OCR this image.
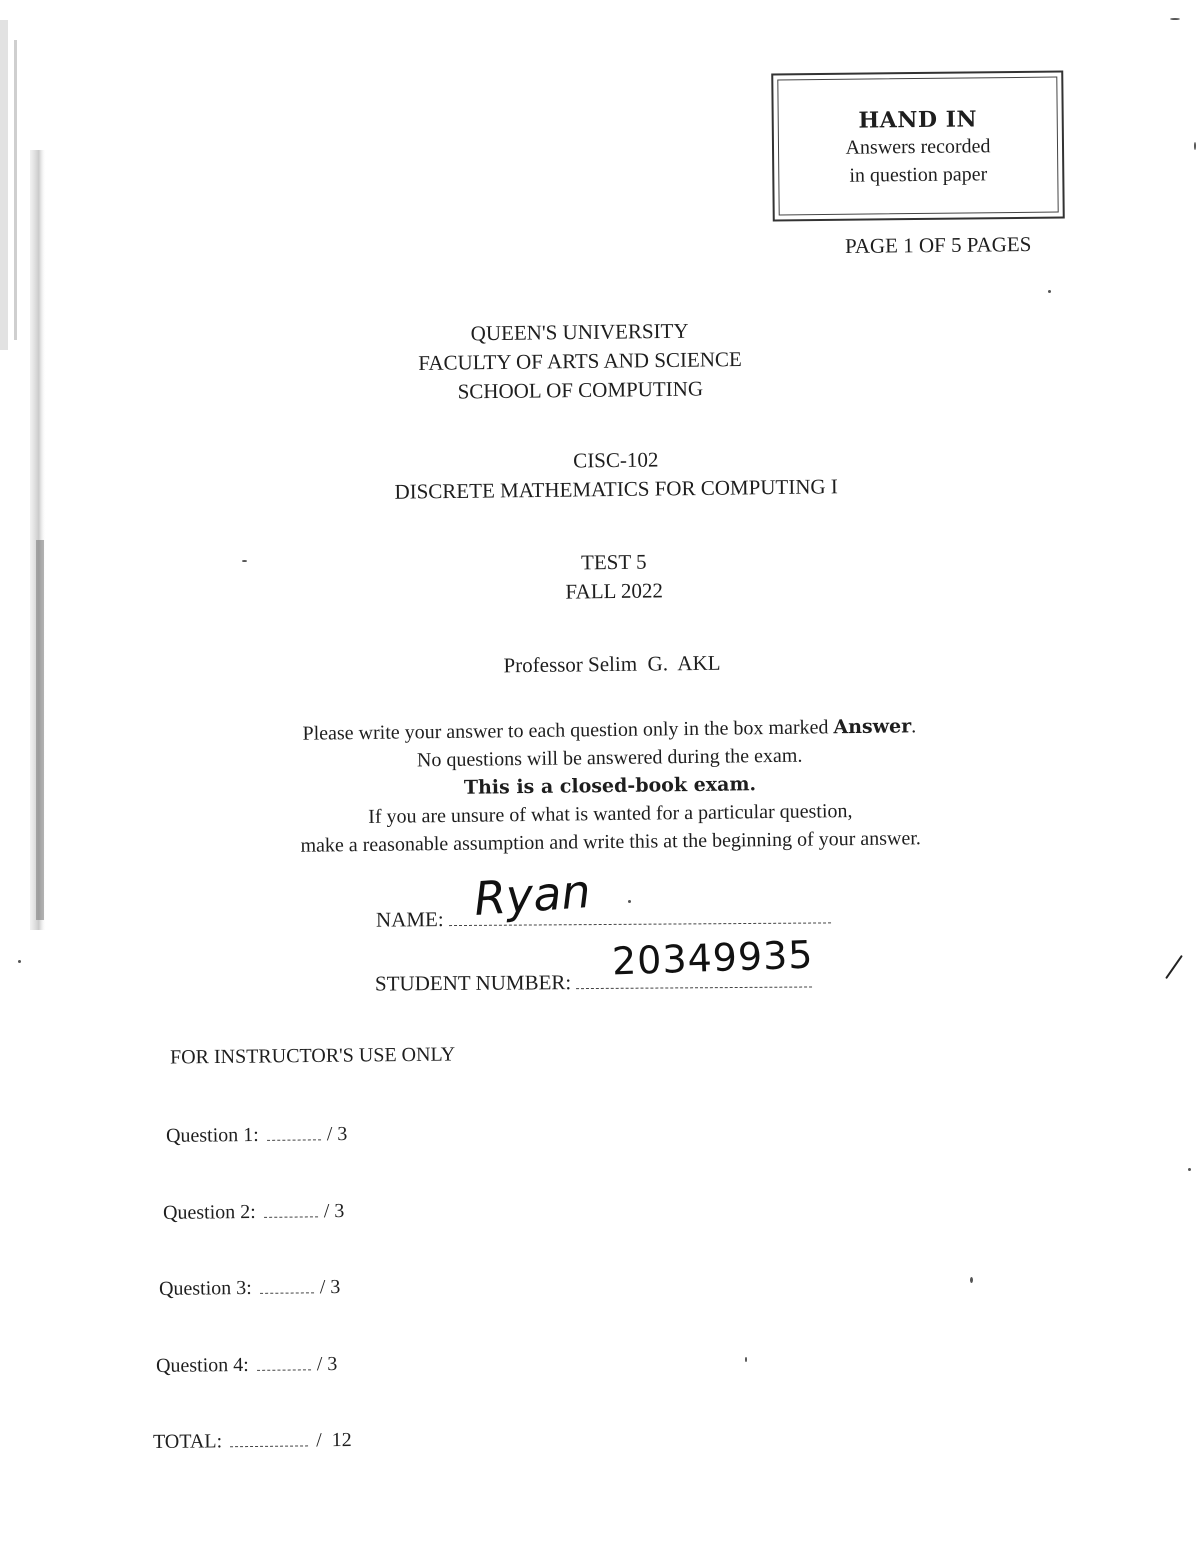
HAND IN
Answers recorded
in question paper
PAGE 1 OF 5 PAGES
QUEEN'S UNIVERSITY
FACULTY OF ARTS AND SCIENCE
SCHOOL OF COMPUTING
CISC-102
DISCRETE MATHEMATICS FOR COMPUTING I
TEST 5
FALL 2022
Professor Selim  G.  AKL
Please write your answer to each question only in the box marked Answer.
No questions will be answered during the exam.
This is a closed-book exam.
If you are unsure of what is wanted for a particular question,
make a reasonable assumption and write this at the beginning of your answer.
NAME: Ryan
STUDENT NUMBER:	20349935
FOR INSTRUCTOR'S USE ONLY
Question 1:	/ 3
Question 2:	/ 3
Question 3:	/ 3
Question 4:	/ 3
TOTAL:	/  12
